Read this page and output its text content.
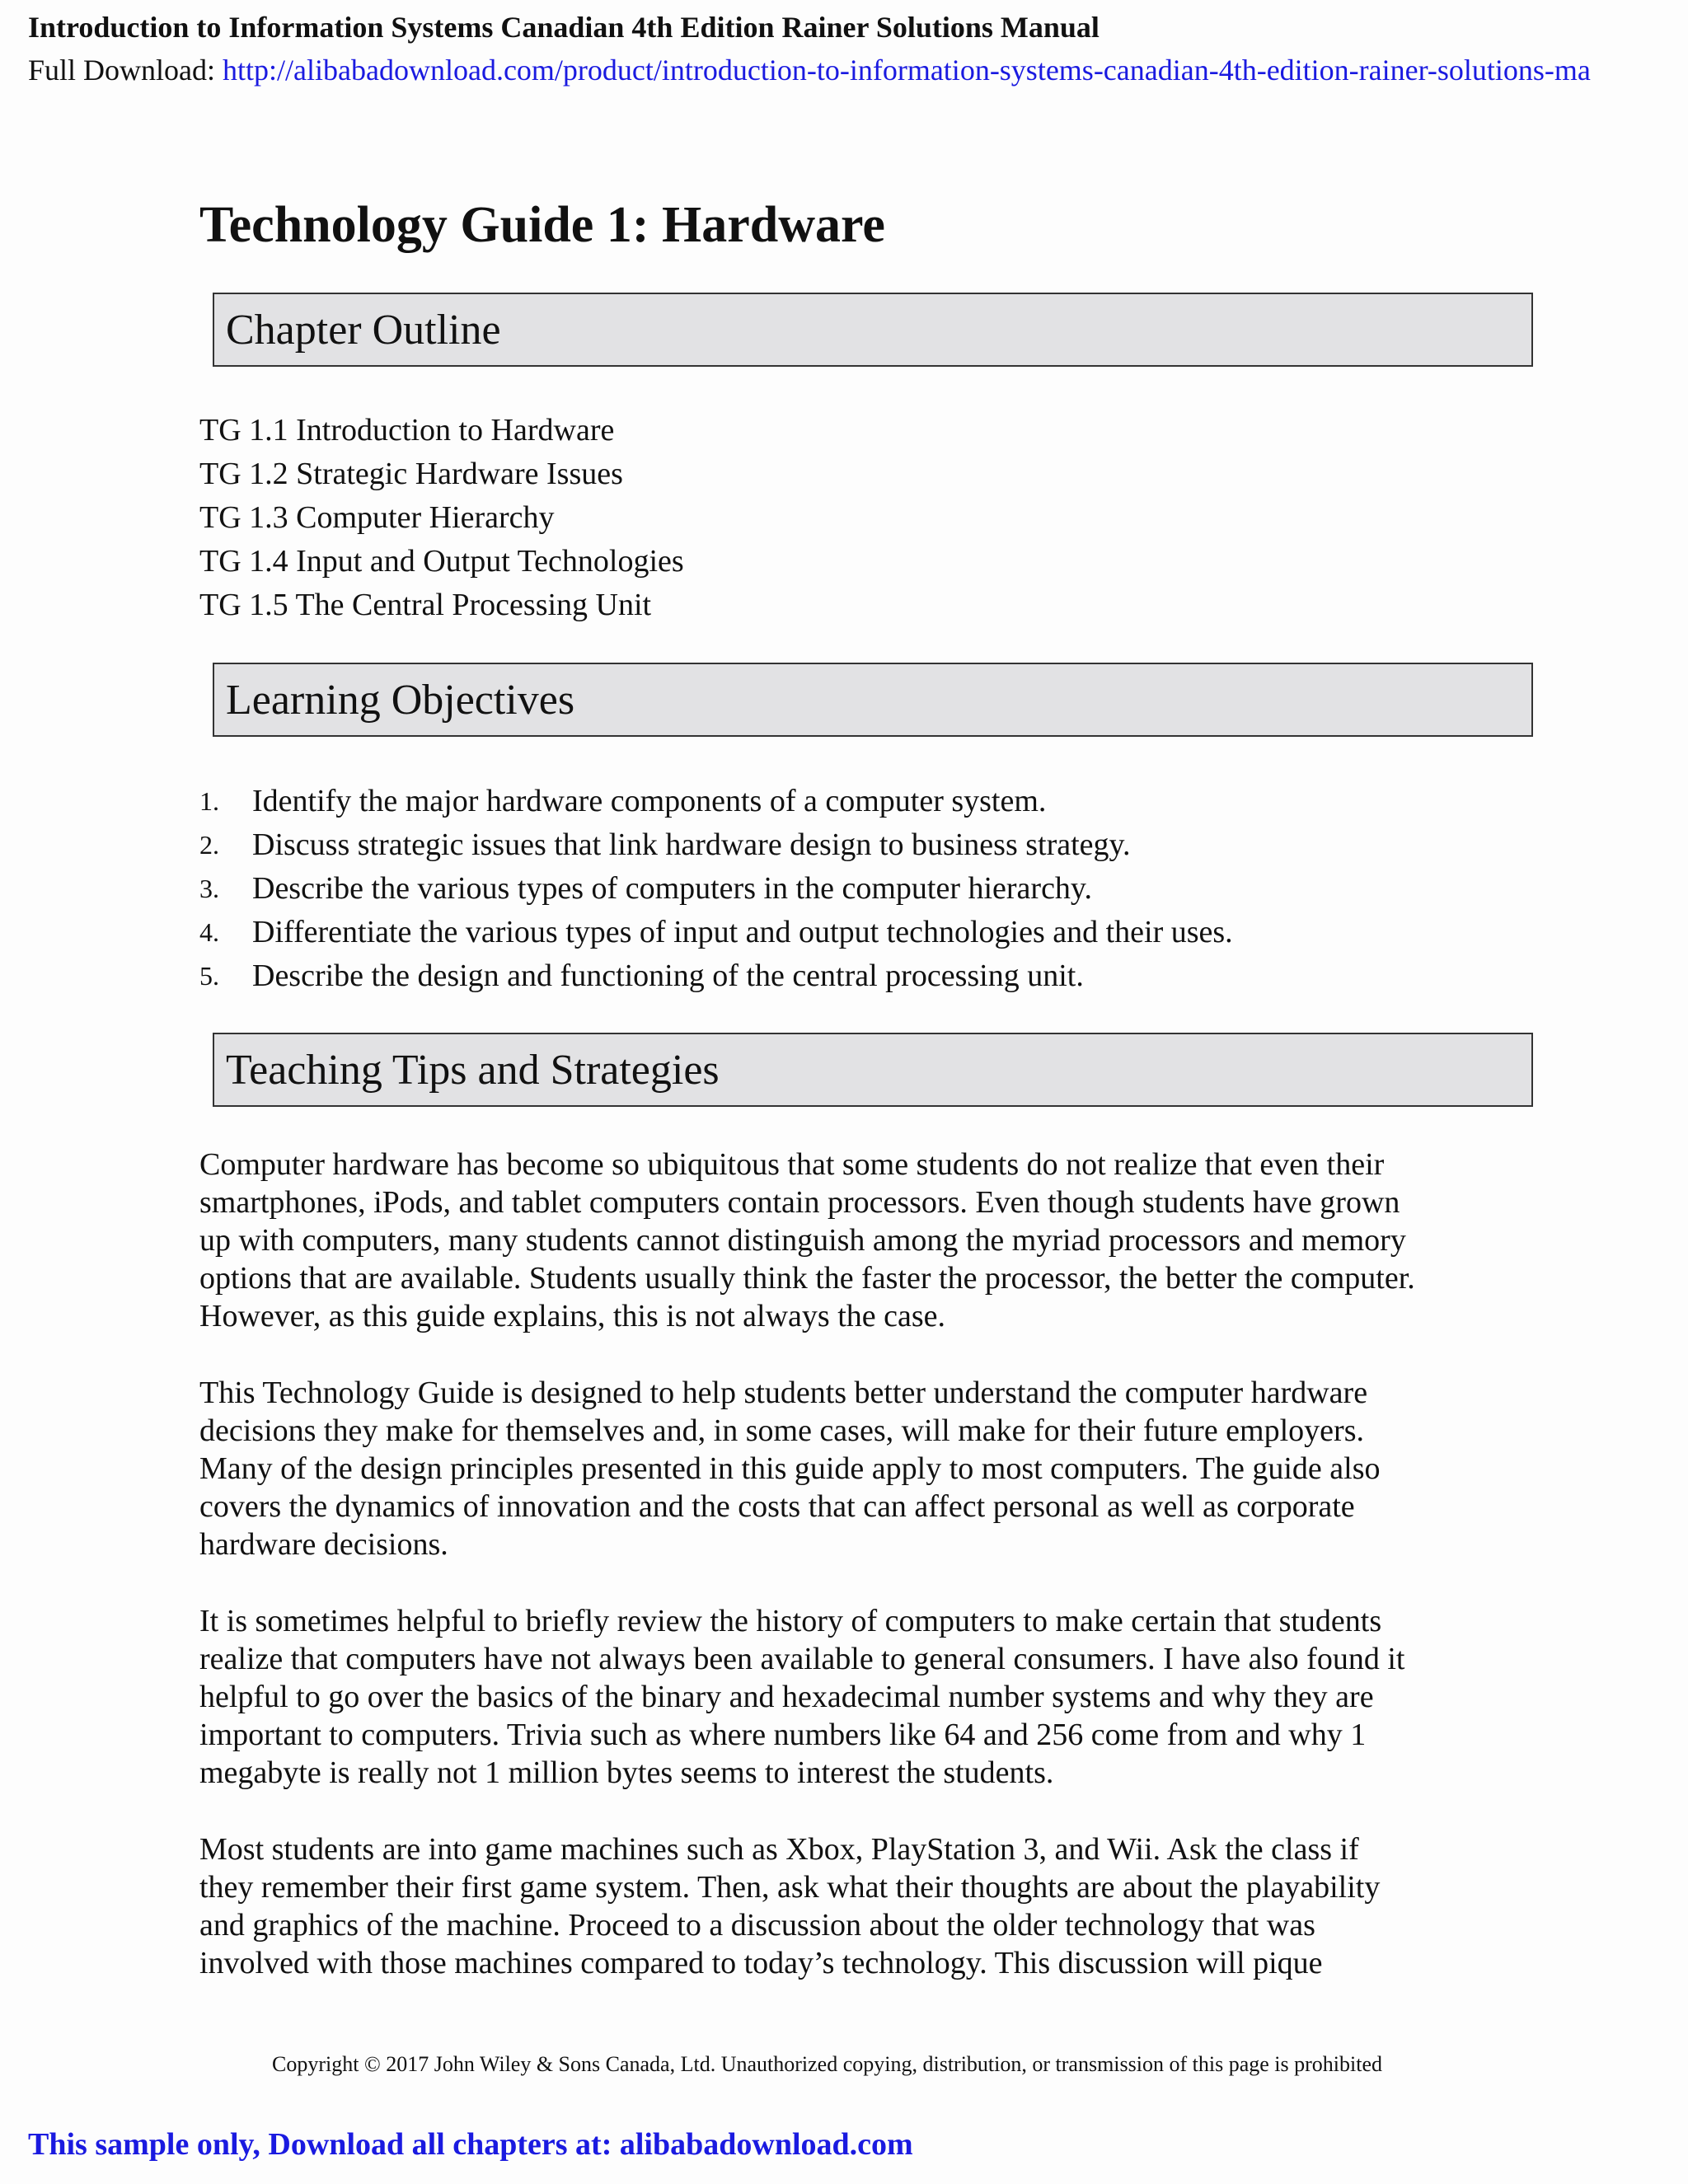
Introduction to Information Systems Canadian 4th Edition Rainer Solutions Manual
Full Download: http://alibabadownload.com/product/introduction-to-information-systems-canadian-4th-edition-rainer-solutions-ma
Technology Guide 1: Hardware
Chapter Outline
TG 1.1 Introduction to Hardware
TG 1.2 Strategic Hardware Issues
TG 1.3 Computer Hierarchy
TG 1.4 Input and Output Technologies
TG 1.5 The Central Processing Unit
Learning Objectives
1. Identify the major hardware components of a computer system.
2. Discuss strategic issues that link hardware design to business strategy.
3. Describe the various types of computers in the computer hierarchy.
4. Differentiate the various types of input and output technologies and their uses.
5. Describe the design and functioning of the central processing unit.
Teaching Tips and Strategies

Computer hardware has become so ubiquitous that some students do not realize that even their
smartphones, iPods, and tablet computers contain processors. Even though students have grown
up with computers, many students cannot distinguish among the myriad processors and memory
options that are available. Students usually think the faster the processor, the better the computer.
However, as this guide explains, this is not always the case.

This Technology Guide is designed to help students better understand the computer hardware
decisions they make for themselves and, in some cases, will make for their future employers.
Many of the design principles presented in this guide apply to most computers. The guide also
covers the dynamics of innovation and the costs that can affect personal as well as corporate
hardware decisions.

It is sometimes helpful to briefly review the history of computers to make certain that students
realize that computers have not always been available to general consumers. I have also found it
helpful to go over the basics of the binary and hexadecimal number systems and why they are
important to computers. Trivia such as where numbers like 64 and 256 come from and why 1
megabyte is really not 1 million bytes seems to interest the students.

Most students are into game machines such as Xbox, PlayStation 3, and Wii. Ask the class if
they remember their first game system. Then, ask what their thoughts are about the playability
and graphics of the machine. Proceed to a discussion about the older technology that was
involved with those machines compared to today’s technology. This discussion will pique

Copyright © 2017 John Wiley & Sons Canada, Ltd. Unauthorized copying, distribution, or transmission of this page is prohibited
This sample only, Download all chapters at: alibabadownload.com
